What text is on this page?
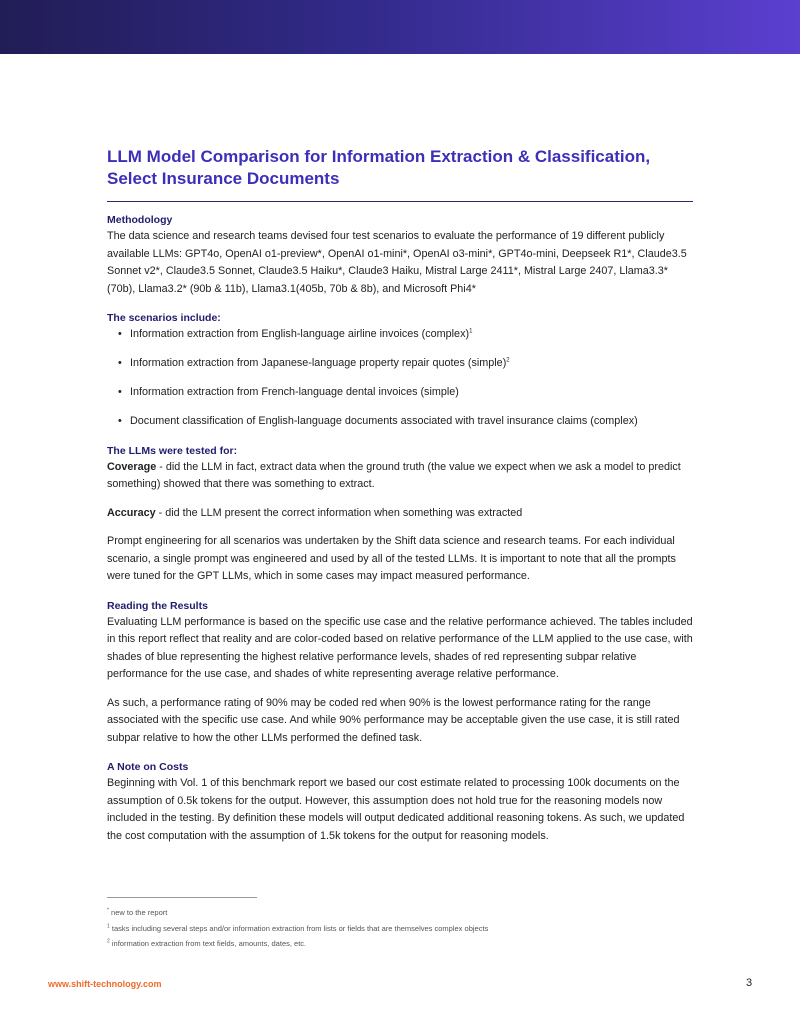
LLM Model Comparison for Information Extraction & Classification, Select Insurance Documents
Methodology

The data science and research teams devised four test scenarios to evaluate the performance of 19 different publicly available LLMs: GPT4o, OpenAI o1-preview*, OpenAI o1-mini*, OpenAI o3-mini*, GPT4o-mini, Deepseek R1*, Claude3.5 Sonnet v2*, Claude3.5 Sonnet, Claude3.5 Haiku*, Claude3 Haiku, Mistral Large 2411*, Mistral Large 2407, Llama3.3* (70b), Llama3.2* (90b & 11b), Llama3.1(405b, 70b & 8b), and Microsoft Phi4*

The scenarios include:
• Information extraction from English-language airline invoices (complex)$^1$
• Information extraction from Japanese-language property repair quotes (simple)$^2$
• Information extraction from French-language dental invoices (simple)
• Document classification of English-language documents associated with travel insurance claims (complex)
The LLMs were tested for:

Coverage - did the LLM in fact, extract data when the ground truth (the value we expect when we ask a model to predict something) showed that there was something to extract.

Accuracy - did the LLM present the correct information when something was extracted

Prompt engineering for all scenarios was undertaken by the Shift data science and research teams. For each individual scenario, a single prompt was engineered and used by all of the tested LLMs. It is important to note that all the prompts were tuned for the GPT LLMs, which in some cases may impact measured performance.

Reading the Results

Evaluating LLM performance is based on the specific use case and the relative performance achieved. The tables included in this report reflect that reality and are color-coded based on relative performance of the LLM applied to the use case, with shades of blue representing the highest relative performance levels, shades of red representing subpar relative performance for the use case, and shades of white representing average relative performance.

As such, a performance rating of 90% may be coded red when 90% is the lowest performance rating for the range associated with the specific use case. And while 90% performance may be acceptable given the use case, it is still rated subpar relative to how the other LLMs performed the defined task.

A Note on Costs

Beginning with Vol. 1 of this benchmark report we based our cost estimate related to processing 100k documents on the assumption of 0.5k tokens for the output. However, this assumption does not hold true for the reasoning models now included in the testing. By definition these models will output dedicated additional reasoning tokens. As such, we updated the cost computation with the assumption of 1.5k tokens for the output for reasoning models.

* new to the report
$^1$ tasks including several steps and/or information extraction from lists or fields that are themselves complex objects
$^2$ information extraction from text fields, amounts, dates, etc.
www.shift-technology.com	3
